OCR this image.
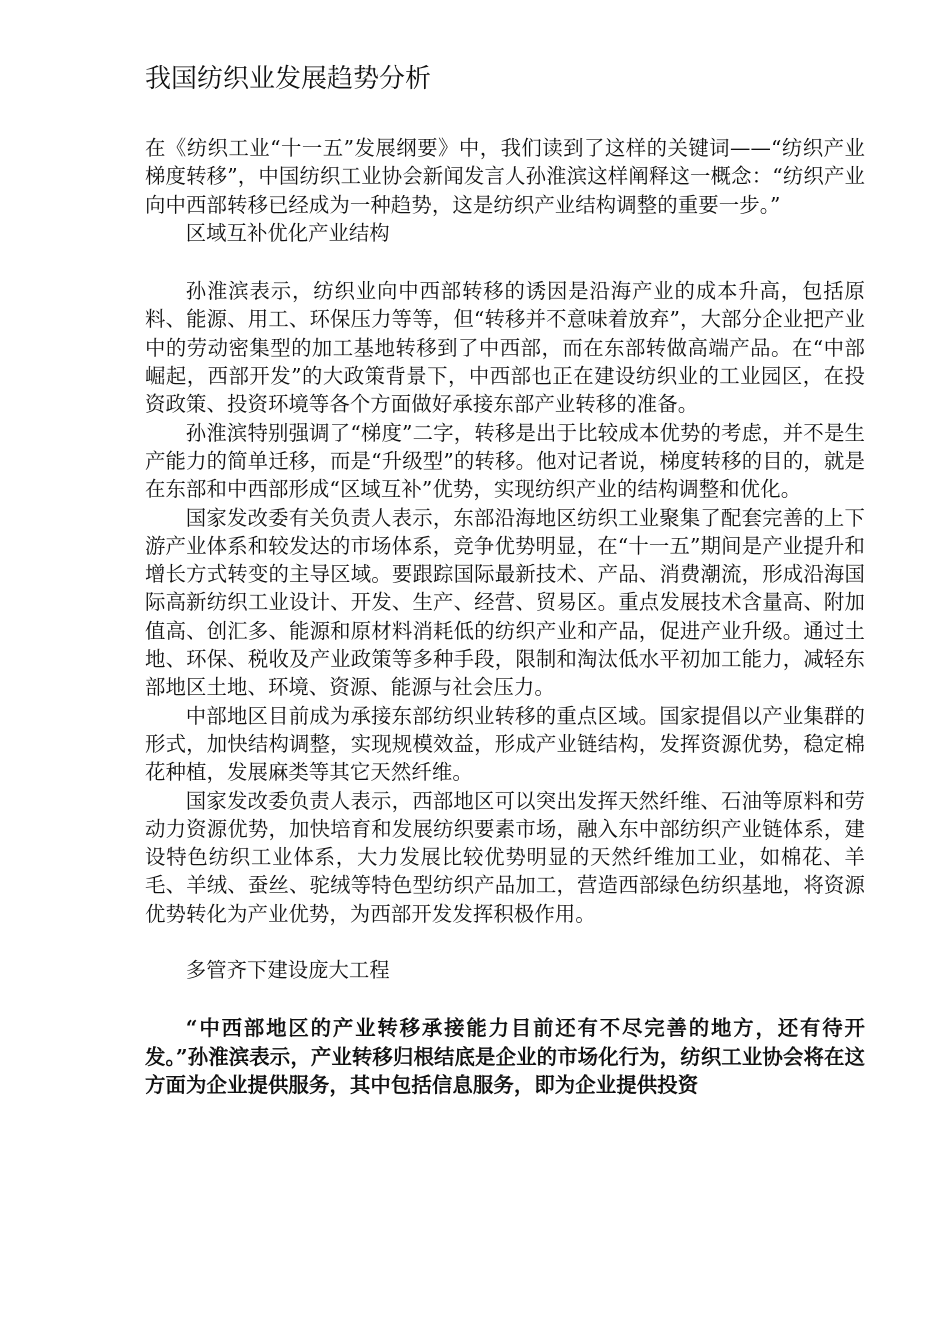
我国纺织业发展趋势分析

在《纺织工业“十一五”发展纲要》中，我们读到了这样的关键词——“纺织产业梯度转移”，中国纺织工业协会新闻发言人孙淮滨这样阐释这一概念：“纺织产业向中西部转移已经成为一种趋势，这是纺织产业结构调整的重要一步。”

区域互补优化产业结构

孙淮滨表示，纺织业向中西部转移的诱因是沿海产业的成本升高，包括原料、能源、用工、环保压力等等，但“转移并不意味着放弃”，大部分企业把产业中的劳动密集型的加工基地转移到了中西部，而在东部转做高端产品。在“中部崛起，西部开发”的大政策背景下，中西部也正在建设纺织业的工业园区，在投资政策、投资环境等各个方面做好承接东部产业转移的准备。

孙淮滨特别强调了“梯度”二字，转移是出于比较成本优势的考虑，并不是生产能力的简单迁移，而是“升级型”的转移。他对记者说，梯度转移的目的，就是在东部和中西部形成“区域互补”优势，实现纺织产业的结构调整和优化。

国家发改委有关负责人表示，东部沿海地区纺织工业聚集了配套完善的上下游产业体系和较发达的市场体系，竞争优势明显，在“十一五”期间是产业提升和增长方式转变的主导区域。要跟踪国际最新技术、产品、消费潮流，形成沿海国际高新纺织工业设计、开发、生产、经营、贸易区。重点发展技术含量高、附加值高、创汇多、能源和原材料消耗低的纺织产业和产品，促进产业升级。通过土地、环保、税收及产业政策等多种手段，限制和淘汰低水平初加工能力，减轻东部地区土地、环境、资源、能源与社会压力。

中部地区目前成为承接东部纺织业转移的重点区域。国家提倡以产业集群的形式，加快结构调整，实现规模效益，形成产业链结构，发挥资源优势，稳定棉花种植，发展麻类等其它天然纤维。

国家发改委负责人表示，西部地区可以突出发挥天然纤维、石油等原料和劳动力资源优势，加快培育和发展纺织要素市场，融入东中部纺织产业链体系，建设特色纺织工业体系，大力发展比较优势明显的天然纤维加工业，如棉花、羊毛、羊绒、蚕丝、驼绒等特色型纺织产品加工，营造西部绿色纺织基地，将资源优势转化为产业优势，为西部开发发挥积极作用。

多管齐下建设庞大工程

“中西部地区的产业转移承接能力目前还有不尽完善的地方，还有待开发。”孙淮滨表示，产业转移归根结底是企业的市场化行为，纺织工业协会将在这方面为企业提供服务，其中包括信息服务，即为企业提供投资
